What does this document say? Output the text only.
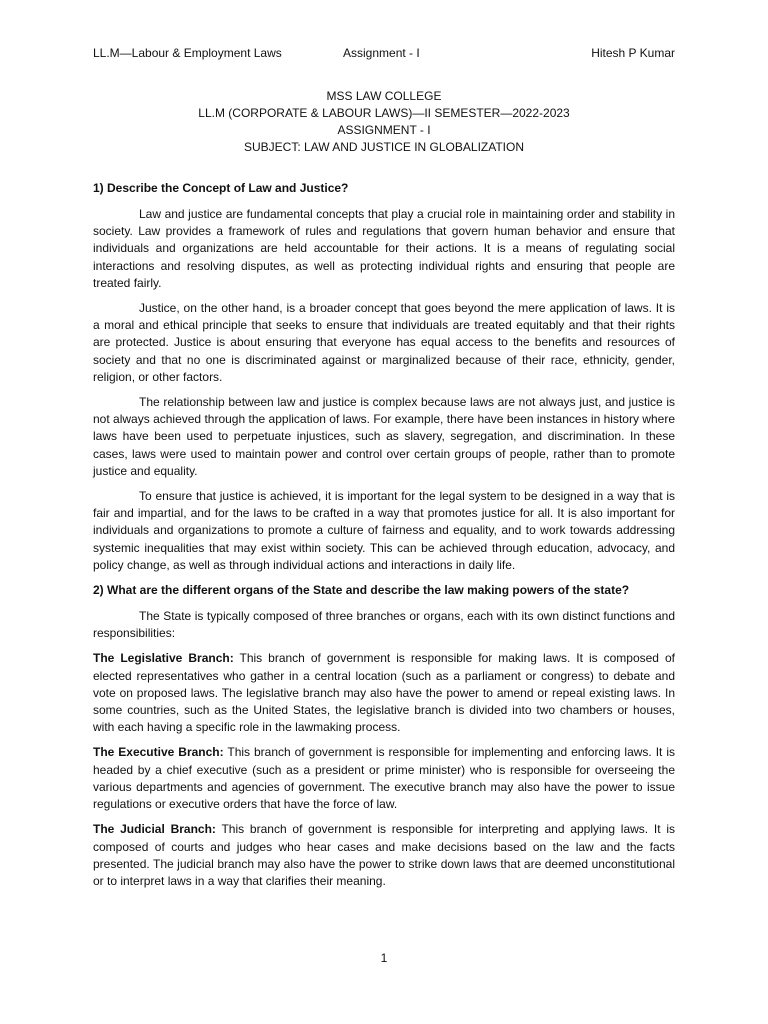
LL.M—Labour & Employment Laws	Assignment - I	Hitesh P Kumar
MSS LAW COLLEGE
LL.M (CORPORATE & LABOUR LAWS)—II SEMESTER—2022-2023
ASSIGNMENT - I
SUBJECT: LAW AND JUSTICE IN GLOBALIZATION
1) Describe the Concept of Law and Justice?

Law and justice are fundamental concepts that play a crucial role in maintaining order and stability in society. Law provides a framework of rules and regulations that govern human behavior and ensure that individuals and organizations are held accountable for their actions. It is a means of regulating social interactions and resolving disputes, as well as protecting individual rights and ensuring that people are treated fairly.

Justice, on the other hand, is a broader concept that goes beyond the mere application of laws. It is a moral and ethical principle that seeks to ensure that individuals are treated equitably and that their rights are protected. Justice is about ensuring that everyone has equal access to the benefits and resources of society and that no one is discriminated against or marginalized because of their race, ethnicity, gender, religion, or other factors.

The relationship between law and justice is complex because laws are not always just, and justice is not always achieved through the application of laws. For example, there have been instances in history where laws have been used to perpetuate injustices, such as slavery, segregation, and discrimination. In these cases, laws were used to maintain power and control over certain groups of people, rather than to promote justice and equality.

To ensure that justice is achieved, it is important for the legal system to be designed in a way that is fair and impartial, and for the laws to be crafted in a way that promotes justice for all. It is also important for individuals and organizations to promote a culture of fairness and equality, and to work towards addressing systemic inequalities that may exist within society. This can be achieved through education, advocacy, and policy change, as well as through individual actions and interactions in daily life.

2) What are the different organs of the State and describe the law making powers of the state?

The State is typically composed of three branches or organs, each with its own distinct functions and responsibilities:

The Legislative Branch: This branch of government is responsible for making laws. It is composed of elected representatives who gather in a central location (such as a parliament or congress) to debate and vote on proposed laws. The legislative branch may also have the power to amend or repeal existing laws. In some countries, such as the United States, the legislative branch is divided into two chambers or houses, with each having a specific role in the lawmaking process.

The Executive Branch: This branch of government is responsible for implementing and enforcing laws. It is headed by a chief executive (such as a president or prime minister) who is responsible for overseeing the various departments and agencies of government. The executive branch may also have the power to issue regulations or executive orders that have the force of law.

The Judicial Branch: This branch of government is responsible for interpreting and applying laws. It is composed of courts and judges who hear cases and make decisions based on the law and the facts presented. The judicial branch may also have the power to strike down laws that are deemed unconstitutional or to interpret laws in a way that clarifies their meaning.

1
